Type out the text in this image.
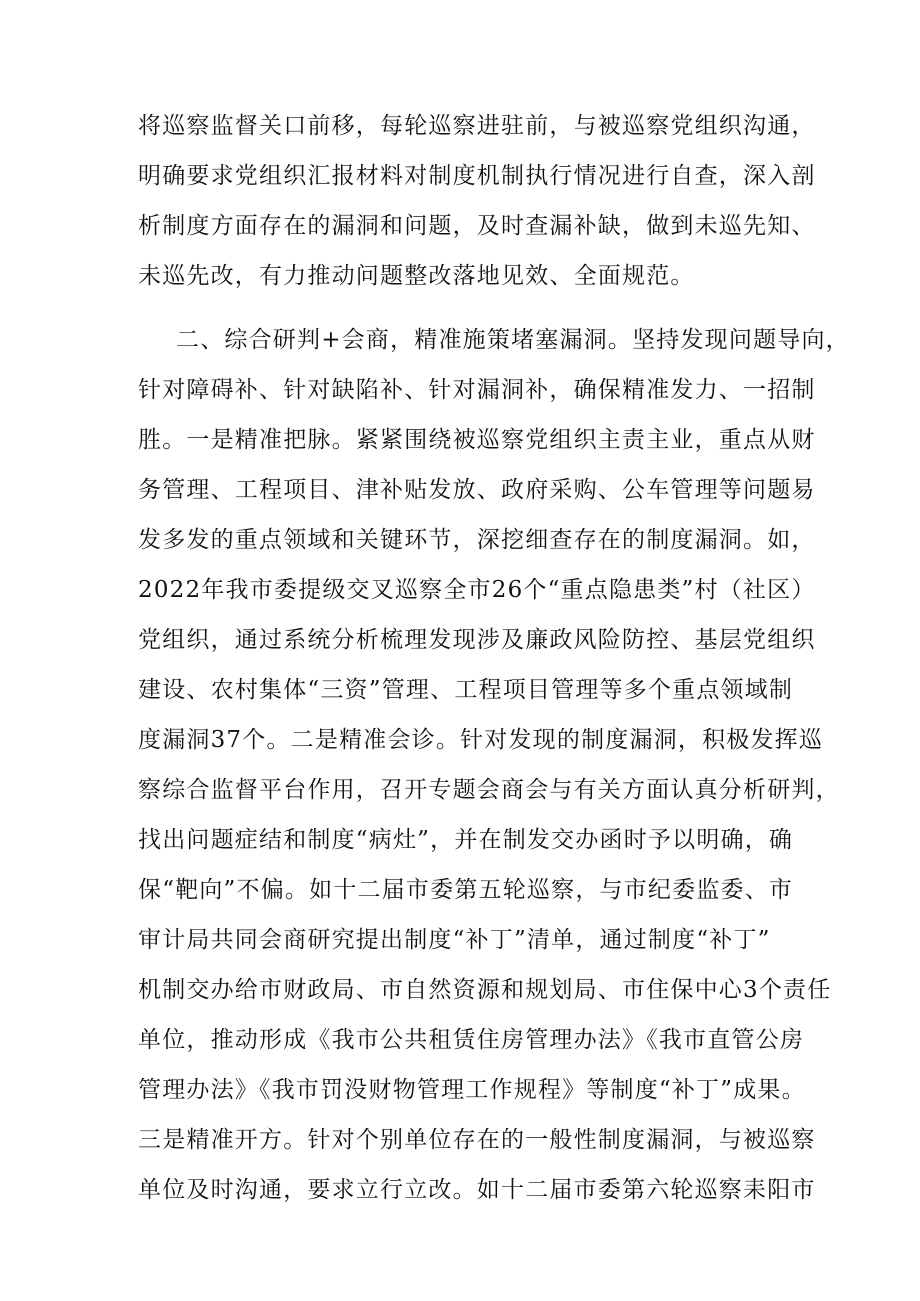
将巡察监督关口前移，每轮巡察进驻前，与被巡察党组织沟通，
明确要求党组织汇报材料对制度机制执行情况进行自查，深入剖
析制度方面存在的漏洞和问题，及时查漏补缺，做到未巡先知、
未巡先改，有力推动问题整改落地见效、全面规范。
二、综合研判+会商，精准施策堵塞漏洞。坚持发现问题导向，
针对障碍补、针对缺陷补、针对漏洞补，确保精准发力、一招制
胜。一是精准把脉。紧紧围绕被巡察党组织主责主业，重点从财
务管理、工程项目、津补贴发放、政府采购、公车管理等问题易
发多发的重点领域和关键环节，深挖细查存在的制度漏洞。如，
2022年我市委提级交叉巡察全市26个“重点隐患类”村（社区）
党组织，通过系统分析梳理发现涉及廉政风险防控、基层党组织
建设、农村集体“三资”管理、工程项目管理等多个重点领域制
度漏洞37个。二是精准会诊。针对发现的制度漏洞，积极发挥巡
察综合监督平台作用，召开专题会商会与有关方面认真分析研判，
找出问题症结和制度“病灶”，并在制发交办函时予以明确，确
保“靶向”不偏。如十二届市委第五轮巡察，与市纪委监委、市
审计局共同会商研究提出制度“补丁”清单，通过制度“补丁”
机制交办给市财政局、市自然资源和规划局、市住保中心3个责任
单位，推动形成《我市公共租赁住房管理办法》《我市直管公房
管理办法》《我市罚没财物管理工作规程》等制度“补丁”成果。
三是精准开方。针对个别单位存在的一般性制度漏洞，与被巡察
单位及时沟通，要求立行立改。如十二届市委第六轮巡察耒阳市
